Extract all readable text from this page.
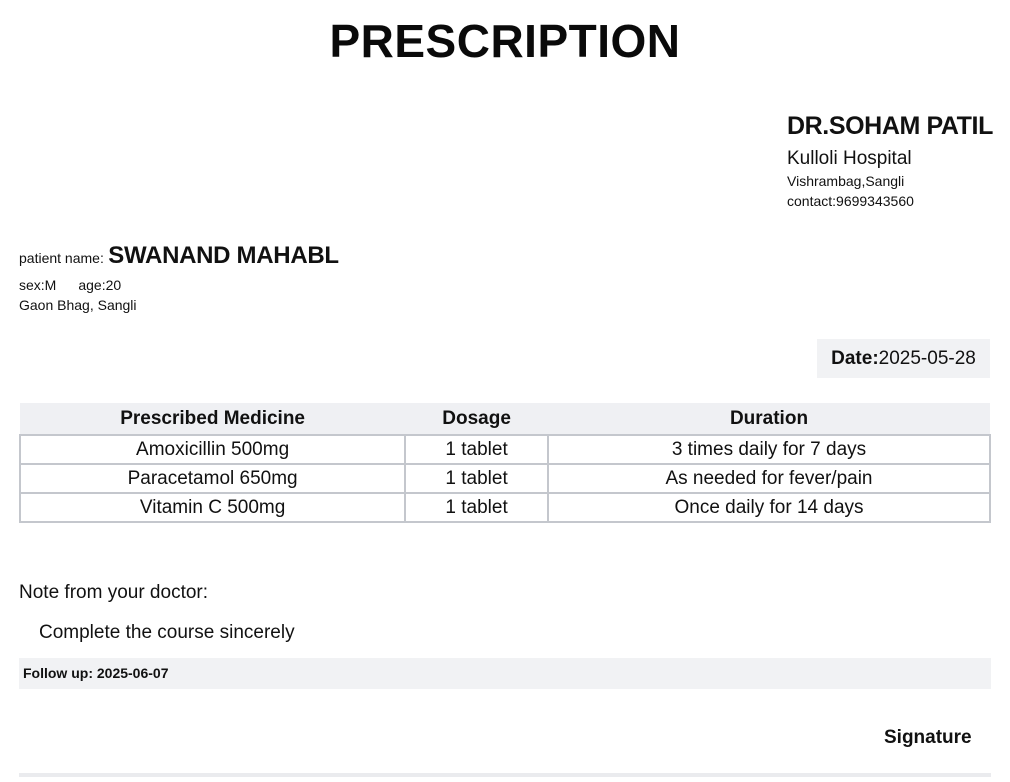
PRESCRIPTION
DR.SOHAM PATIL
Kulloli Hospital
Vishrambag,Sangli
contact:9699343560
patient name: SWANAND MAHABL
sex:M age:20
Gaon Bhag, Sangli
Date:2025-05-28
Prescribed Medicine	Dosage	Duration
Amoxicillin 500mg	1 tablet	3 times daily for 7 days
Paracetamol 650mg	1 tablet	As needed for fever/pain
Vitamin C 500mg	1 tablet	Once daily for 14 days
Note from your doctor:
Complete the course sincerely
Follow up: 2025-06-07
Signature
